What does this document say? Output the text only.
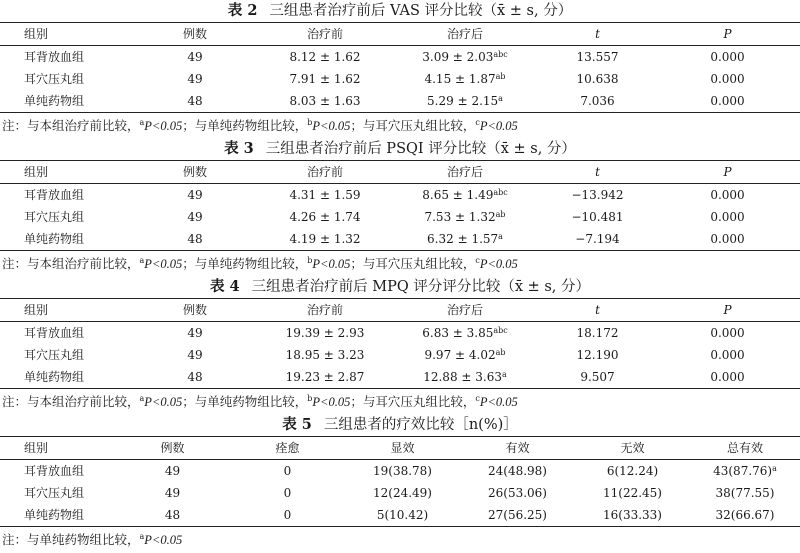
表 2 三组患者治疗前后 VAS 评分比较（x̄ ± s, 分）
组别	例数	治疗前	治疗后	t	P
耳背放血组	49	8.12 ± 1.62	3.09 ± 2.03$^{abc}$	13.557	0.000
耳穴压丸组	49	7.91 ± 1.62	4.15 ± 1.87$^{ab}$	10.638	0.000
单纯药物组	48	8.03 ± 1.63	5.29 ± 2.15$^a$	7.036	0.000
注：与本组治疗前比较，$^a$P<0.05；与单纯药物组比较，$^b$P<0.05；与耳穴压丸组比较，$^c$P<0.05
表 3 三组患者治疗前后 PSQI 评分比较（x̄ ± s, 分）
组别	例数	治疗前	治疗后	t	P
耳背放血组	49	4.31 ± 1.59	8.65 ± 1.49$^{abc}$	−13.942	0.000
耳穴压丸组	49	4.26 ± 1.74	7.53 ± 1.32$^{ab}$	−10.481	0.000
单纯药物组	48	4.19 ± 1.32	6.32 ± 1.57$^a$	−7.194	0.000
注：与本组治疗前比较，$^a$P<0.05；与单纯药物组比较，$^b$P<0.05；与耳穴压丸组比较，$^c$P<0.05
表 4 三组患者治疗前后 MPQ 评分评分比较（x̄ ± s, 分）
组别	例数	治疗前	治疗后	t	P
耳背放血组	49	19.39 ± 2.93	6.83 ± 3.85$^{abc}$	18.172	0.000
耳穴压丸组	49	18.95 ± 3.23	9.97 ± 4.02$^{ab}$	12.190	0.000
单纯药物组	48	19.23 ± 2.87	12.88 ± 3.63$^a$	9.507	0.000
注：与本组治疗前比较，$^a$P<0.05；与单纯药物组比较，$^b$P<0.05；与耳穴压丸组比较，$^c$P<0.05
表 5 三组患者的疗效比较［n(%)］
组别	例数	痊愈	显效	有效	无效	总有效
耳背放血组	49	0	19(38.78)	24(48.98)	6(12.24)	$43(87.76)^a$
耳穴压丸组	49	0	12(24.49)	26(53.06)	11(22.45)	38(77.55)
单纯药物组	48	0	5(10.42)	27(56.25)	16(33.33)	32(66.67)
注：与单纯药物组比较，$^a$P<0.05
